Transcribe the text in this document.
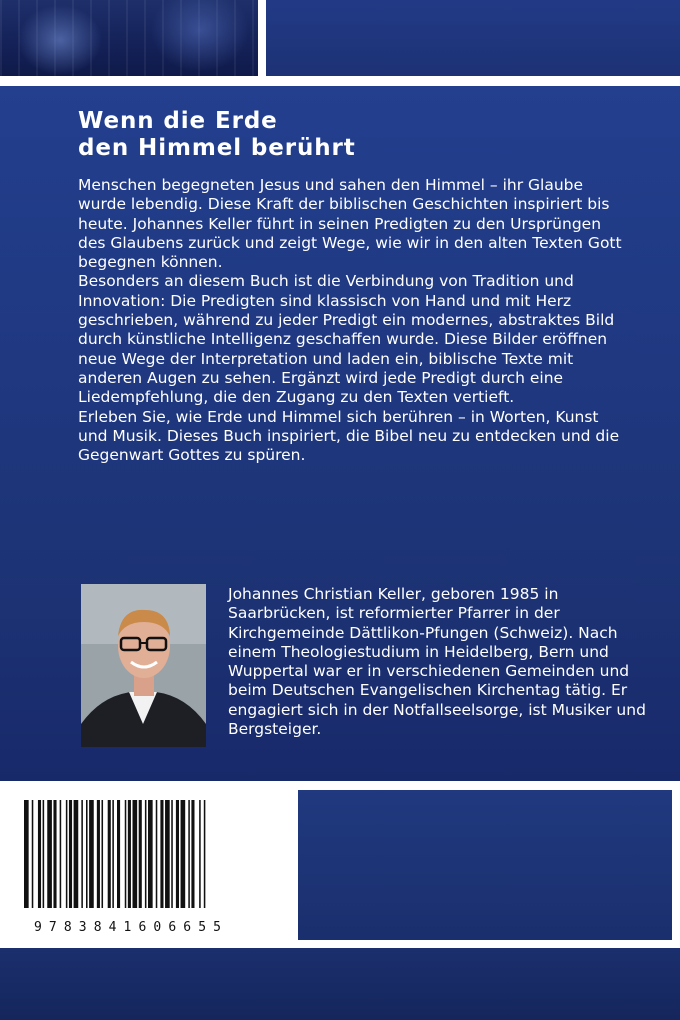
Wenn die Erde
den Himmel berührt

Menschen begegneten Jesus und sahen den Himmel – ihr Glaube wurde lebendig. Diese Kraft der biblischen Geschichten inspiriert bis heute. Johannes Keller führt in seinen Predigten zu den Ursprüngen des Glaubens zurück und zeigt Wege, wie wir in den alten Texten Gott begegnen können.

Besonders an diesem Buch ist die Verbindung von Tradition und Innovation: Die Predigten sind klassisch von Hand und mit Herz geschrieben, während zu jeder Predigt ein modernes, abstraktes Bild durch künstliche Intelligenz geschaffen wurde. Diese Bilder eröffnen neue Wege der Interpretation und laden ein, biblische Texte mit anderen Augen zu sehen. Ergänzt wird jede Predigt durch eine Liedempfehlung, die den Zugang zu den Texten vertieft.

Erleben Sie, wie Erde und Himmel sich berühren – in Worten, Kunst und Musik. Dieses Buch inspiriert, die Bibel neu zu entdecken und die Gegenwart Gottes zu spüren.

Johannes Christian Keller, geboren 1985 in Saarbrücken, ist reformierter Pfarrer in der Kirchgemeinde Dättlikon-Pfungen (Schweiz). Nach einem Theologiestudium in Heidelberg, Bern und Wuppertal war er in verschiedenen Gemeinden und beim Deutschen Evangelischen Kirchentag tätig. Er engagiert sich in der Notfallseelsorge, ist Musiker und Bergsteiger.

9783841606655
